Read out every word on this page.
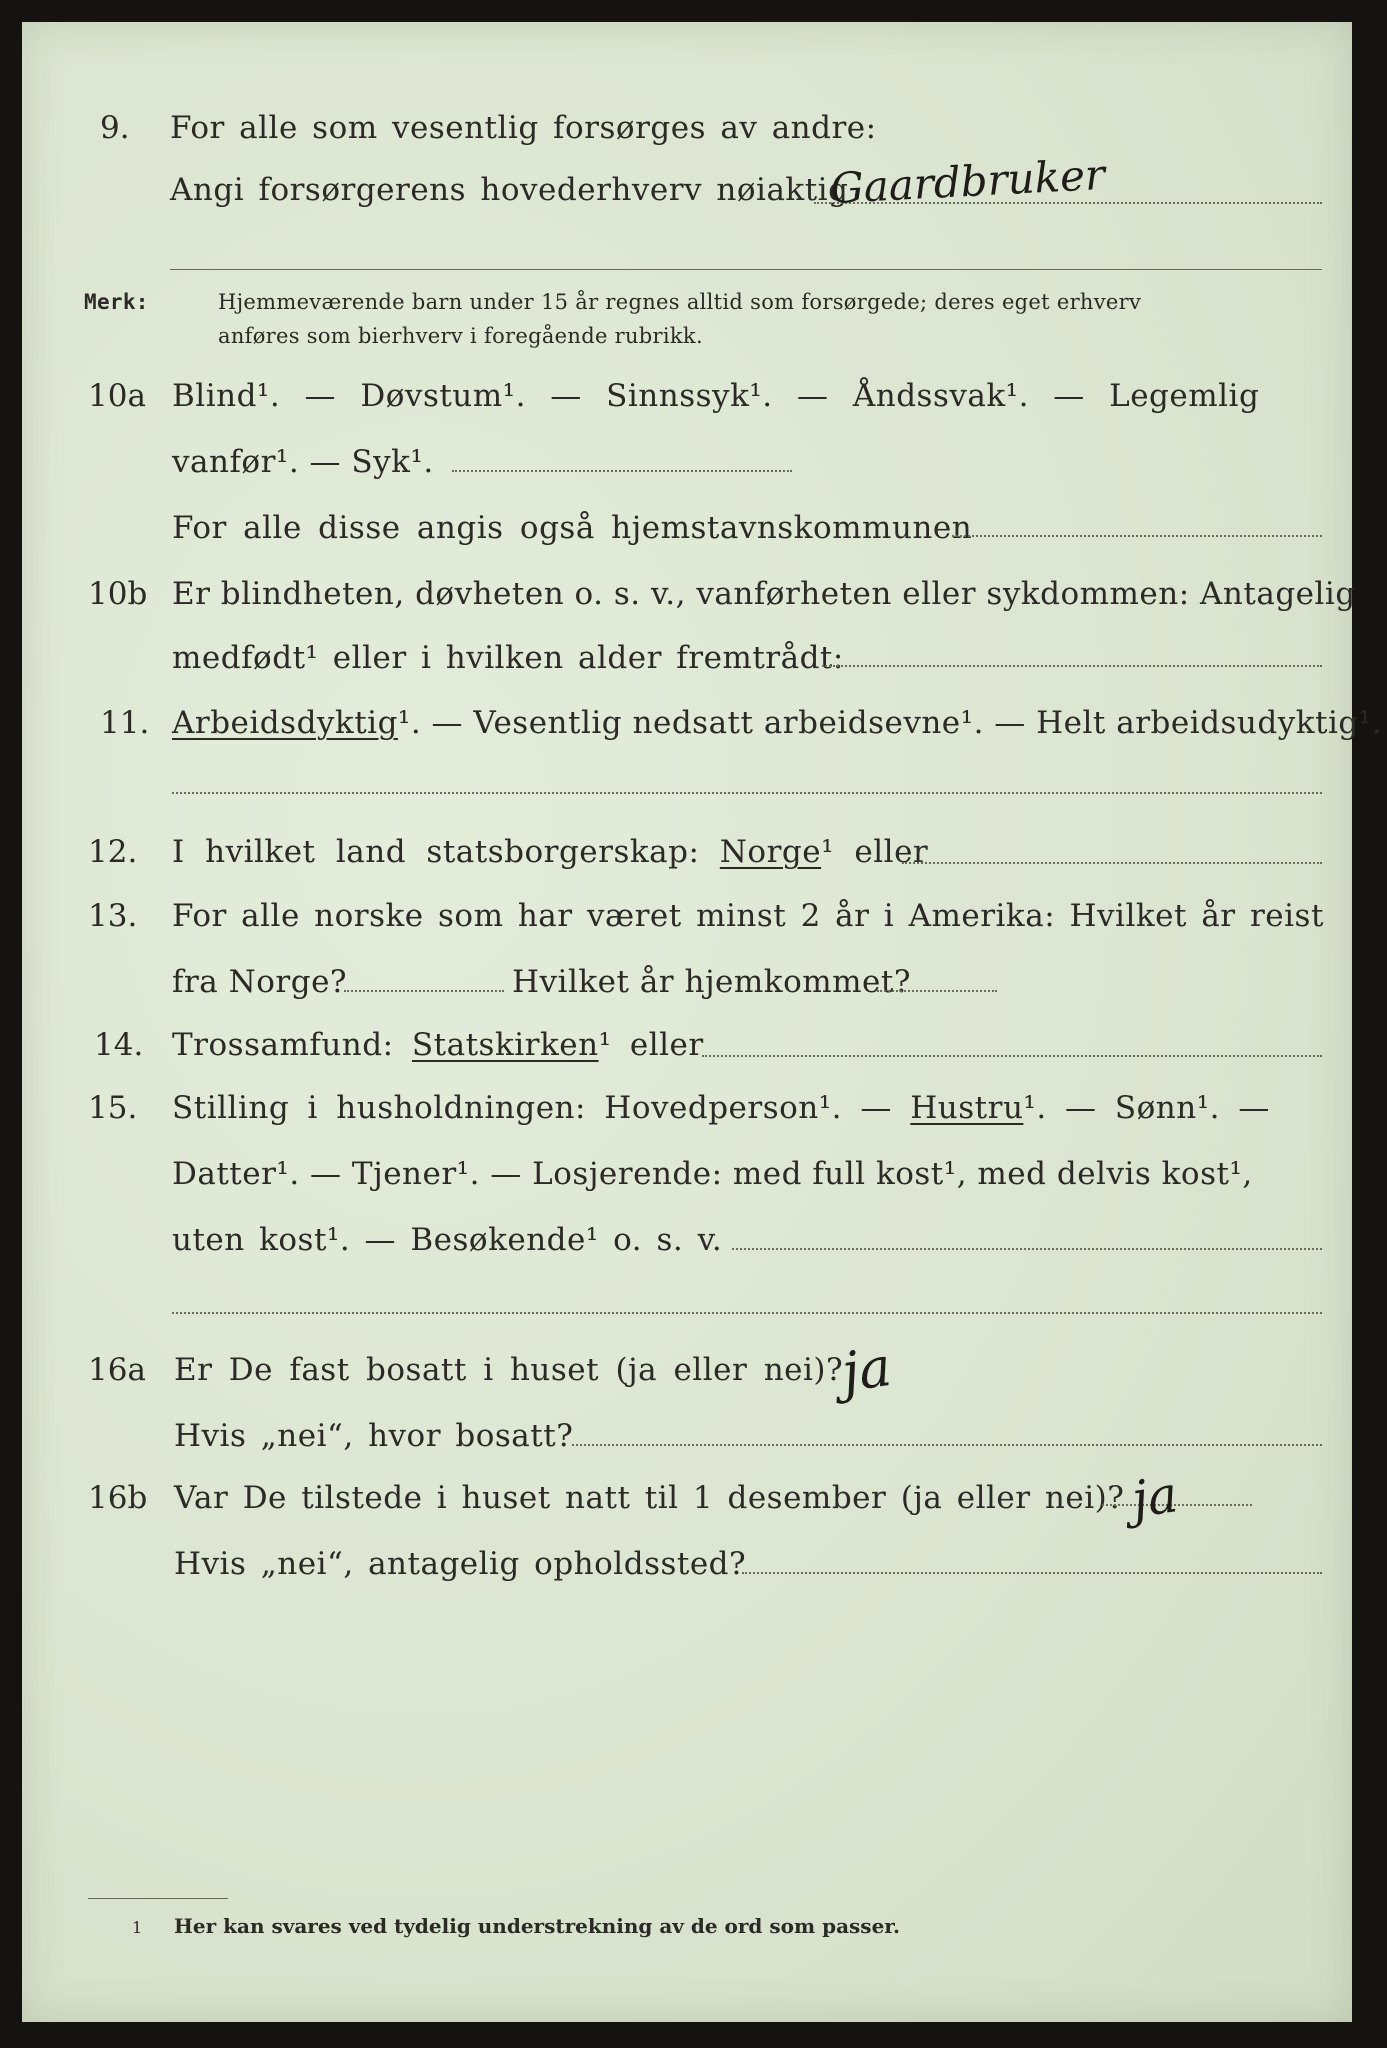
9. For alle som vesentlig forsørges av andre:
Angi forsørgerens hovederhverv nøiaktig
Gaardbruker
Merk:	Hjemmeværende barn under 15 år regnes alltid som forsørgede; deres eget erhverv
anføres som bierhverv i foregående rubrikk.
10a Blind¹. — Døvstum¹. — Sinnssyk¹. — Åndssvak¹. — Legemlig
vanfør¹. — Syk¹.
For alle disse angis også hjemstavnskommunen
10b Er blindheten, døvheten o. s. v., vanførheten eller sykdommen: Antagelig
medfødt¹ eller i hvilken alder fremtrådt:
11. Arbeidsdyktig¹. — Vesentlig nedsatt arbeidsevne¹. — Helt arbeidsudyktig¹.
12. I hvilket land statsborgerskap: Norge¹ eller
13. For alle norske som har været minst 2 år i Amerika: Hvilket år reist
fra Norge?	Hvilket år hjemkommet?
14. Trossamfund: Statskirken¹ eller
15. Stilling i husholdningen: Hovedperson¹. — Hustru¹. — Sønn¹. —
Datter¹. — Tjener¹. — Losjerende: med full kost¹, med delvis kost¹,
uten kost¹. — Besøkende¹ o. s. v.
16a Er De fast bosatt i huset (ja eller nei)?
ja
Hvis „nei“, hvor bosatt?
16b Var De tilstede i huset natt til 1 desember (ja eller nei)? ja
Hvis „nei“, antagelig opholdssted?
1 Her kan svares ved tydelig understrekning av de ord som passer.
